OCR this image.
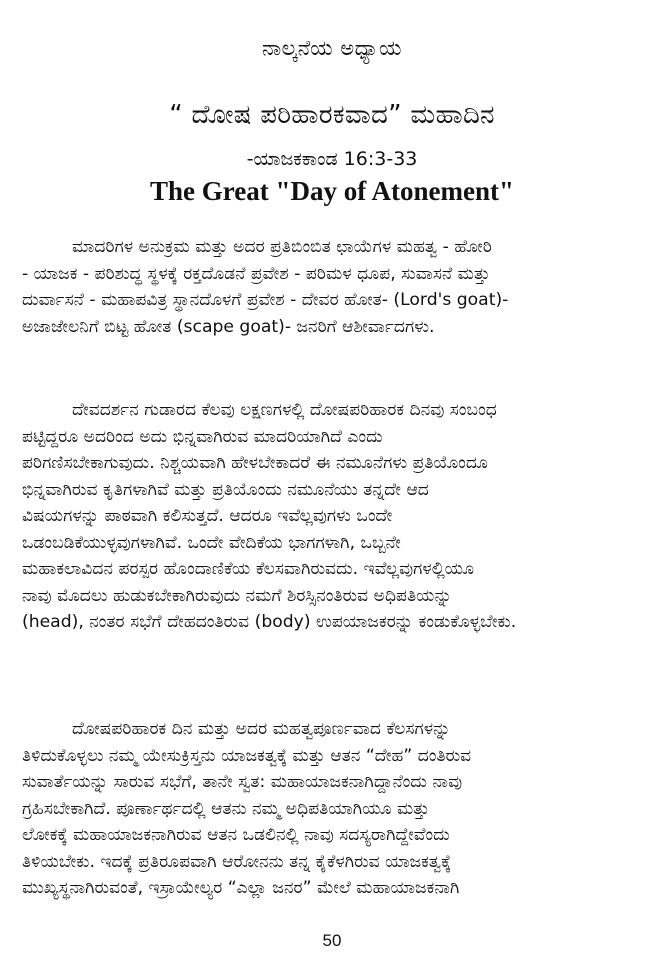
ನಾಲ್ಕನೆಯ ಅಧ್ಯಾಯ
“ ದೋಷ ಪರಿಹಾರಕವಾದ” ಮಹಾದಿನ
-ಯಾಜಕಕಾಂಡ 16:3-33
The Great "Day of Atonement"
ಮಾದರಿಗಳ ಅನುಕ್ರಮ ಮತ್ತು ಅದರ ಪ್ರತಿಬಿಂಬಿತ ಛಾಯೆಗಳ ಮಹತ್ವ - ಹೋರಿ
- ಯಾಜಕ - ಪರಿಶುದ್ಧ ಸ್ಥಳಕ್ಕೆ ರಕ್ತದೊಡನೆ ಪ್ರವೇಶ - ಪರಿಮಳ ಧೂಪ, ಸುವಾಸನೆ ಮತ್ತು
ದುರ್ವಾಸನೆ - ಮಹಾಪವಿತ್ರ ಸ್ಥಾನದೊಳಗೆ ಪ್ರವೇಶ - ದೇವರ ಹೋತ- (Lord's goat)-
ಅಜಾಜೇಲನಿಗೆ ಬಿಟ್ಟ ಹೋತ (scape goat)- ಜನರಿಗೆ ಆಶೀರ್ವಾದಗಳು.
ದೇವದರ್ಶನ ಗುಡಾರದ ಕೆಲವು ಲಕ್ಷಣಗಳಲ್ಲಿ ದೋಷಪರಿಹಾರಕ ದಿನವು ಸಂಬಂಧ
ಪಟ್ಟಿದ್ದರೂ ಅದರಿಂದ ಅದು ಭಿನ್ನವಾಗಿರುವ ಮಾದರಿಯಾಗಿದೆ ಎಂದು
ಪರಿಗಣಿಸಬೇಕಾಗುವುದು. ನಿಶ್ಚಯವಾಗಿ ಹೇಳಬೇಕಾದರೆ ಈ ನಮೂನೆಗಳು ಪ್ರತಿಯೊಂದೂ
ಭಿನ್ನವಾಗಿರುವ ಕೃತಿಗಳಾಗಿವೆ ಮತ್ತು ಪ್ರತಿಯೊಂದು ನಮೂನೆಯು ತನ್ನದೇ ಆದ
ವಿಷಯಗಳನ್ನು ಪಾಠವಾಗಿ ಕಲಿಸುತ್ತದೆ. ಆದರೂ ಇವೆಲ್ಲವುಗಳು ಒಂದೇ
ಒಡಂಬಡಿಕೆಯುಳ್ಳವುಗಳಾಗಿವೆ. ಒಂದೇ ವೇದಿಕೆಯ ಭಾಗಗಳಾಗಿ, ಒಬ್ಬನೇ
ಮಹಾಕಲಾವಿದನ ಪರಸ್ಪರ ಹೊಂದಾಣಿಕೆಯ ಕೆಲಸವಾಗಿರುವದು. ಇವೆಲ್ಲವುಗಳಲ್ಲಿಯೂ
ನಾವು ಮೊದಲು ಹುಡುಕಬೇಕಾಗಿರುವುದು ನಮಗೆ ಶಿರಸ್ಸಿನಂತಿರುವ ಅಧಿಪತಿಯನ್ನು
(head), ನಂತರ ಸಭೆಗೆ ದೇಹದಂತಿರುವ (body) ಉಪಯಾಜಕರನ್ನು ಕಂಡುಕೊಳ್ಳಬೇಕು.
ದೋಷಪರಿಹಾರಕ ದಿನ ಮತ್ತು ಅದರ ಮಹತ್ವಪೂರ್ಣವಾದ ಕೆಲಸಗಳನ್ನು
ತಿಳಿದುಕೊಳ್ಳಲು ನಮ್ಮ ಯೇಸುಕ್ರಿಸ್ತನು ಯಾಜಕತ್ವಕ್ಕೆ ಮತ್ತು ಆತನ “ದೇಹ” ದಂತಿರುವ
ಸುವಾರ್ತೆಯನ್ನು ಸಾರುವ ಸಭೆಗೆ, ತಾನೇ ಸ್ವತ: ಮಹಾಯಾಜಕನಾಗಿದ್ದಾನೆಂದು ನಾವು
ಗ್ರಹಿಸಬೇಕಾಗಿದೆ. ಪೂರ್ಣಾರ್ಥದಲ್ಲಿ ಆತನು ನಮ್ಮ ಅಧಿಪತಿಯಾಗಿಯೂ ಮತ್ತು
ಲೋಕಕ್ಕೆ ಮಹಾಯಾಜಕನಾಗಿರುವ ಆತನ ಒಡಲಿನಲ್ಲಿ ನಾವು ಸದಸ್ಯರಾಗಿದ್ದೇವೆಂದು
ತಿಳಿಯಬೇಕು. ಇದಕ್ಕೆ ಪ್ರತಿರೂಪವಾಗಿ ಆರೋನನು ತನ್ನ ಕೈಕೆಳಗಿರುವ ಯಾಜಕತ್ವಕ್ಕೆ
ಮುಖ್ಯಸ್ಥನಾಗಿರುವಂತೆ, ಇಸ್ರಾಯೇಲ್ಯರ “ಎಲ್ಲಾ ಜನರ” ಮೇಲೆ ಮಹಾಯಾಜಕನಾಗಿ
50
